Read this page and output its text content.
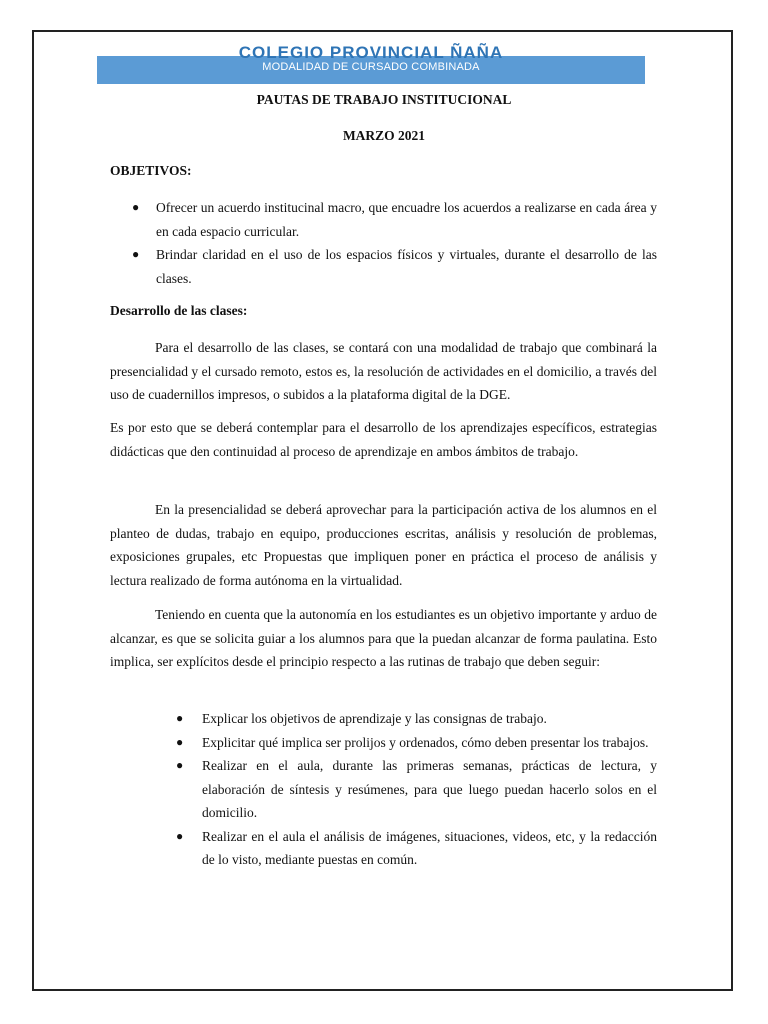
COLEGIO PROVINCIAL ÑAÑA
MODALIDAD DE CURSADO COMBINADA
PAUTAS DE TRABAJO INSTITUCIONAL
MARZO 2021
OBJETIVOS:
● Ofrecer un acuerdo institucinal macro, que encuadre los acuerdos a realizarse en cada área y en cada espacio curricular.
● Brindar claridad en el uso de los espacios físicos y virtuales, durante el desarrollo de las clases.
Desarrollo de las clases:

Para el desarrollo de las clases, se contará con una modalidad de trabajo que combinará la presencialidad y el cursado remoto, estos es, la resolución de actividades en el domicilio, a través del uso de cuadernillos impresos, o subidos a la plataforma digital de la DGE.

Es por esto que se deberá contemplar para el desarrollo de los aprendizajes específicos, estrategias didácticas que den continuidad al proceso de aprendizaje en ambos ámbitos de trabajo.

En la presencialidad se deberá aprovechar para la participación activa de los alumnos en el planteo de dudas, trabajo en equipo, producciones escritas, análisis y resolución de problemas, exposiciones grupales, etc Propuestas que impliquen poner en práctica el proceso de análisis y lectura realizado de forma autónoma en la virtualidad.

Teniendo en cuenta que la autonomía en los estudiantes es un objetivo importante y arduo de alcanzar, es que se solicita guiar a los alumnos para que la puedan alcanzar de forma paulatina. Esto implica, ser explícitos desde el principio respecto a las rutinas de trabajo que deben seguir:

● Explicar los objetivos de aprendizaje y las consignas de trabajo.
● Explicitar qué implica ser prolijos y ordenados, cómo deben presentar los trabajos.
● Realizar en el aula, durante las primeras semanas, prácticas de lectura, y elaboración de síntesis y resúmenes, para que luego puedan hacerlo solos en el domicilio.
● Realizar en el aula el análisis de imágenes, situaciones, videos, etc, y la redacción de lo visto, mediante puestas en común.
